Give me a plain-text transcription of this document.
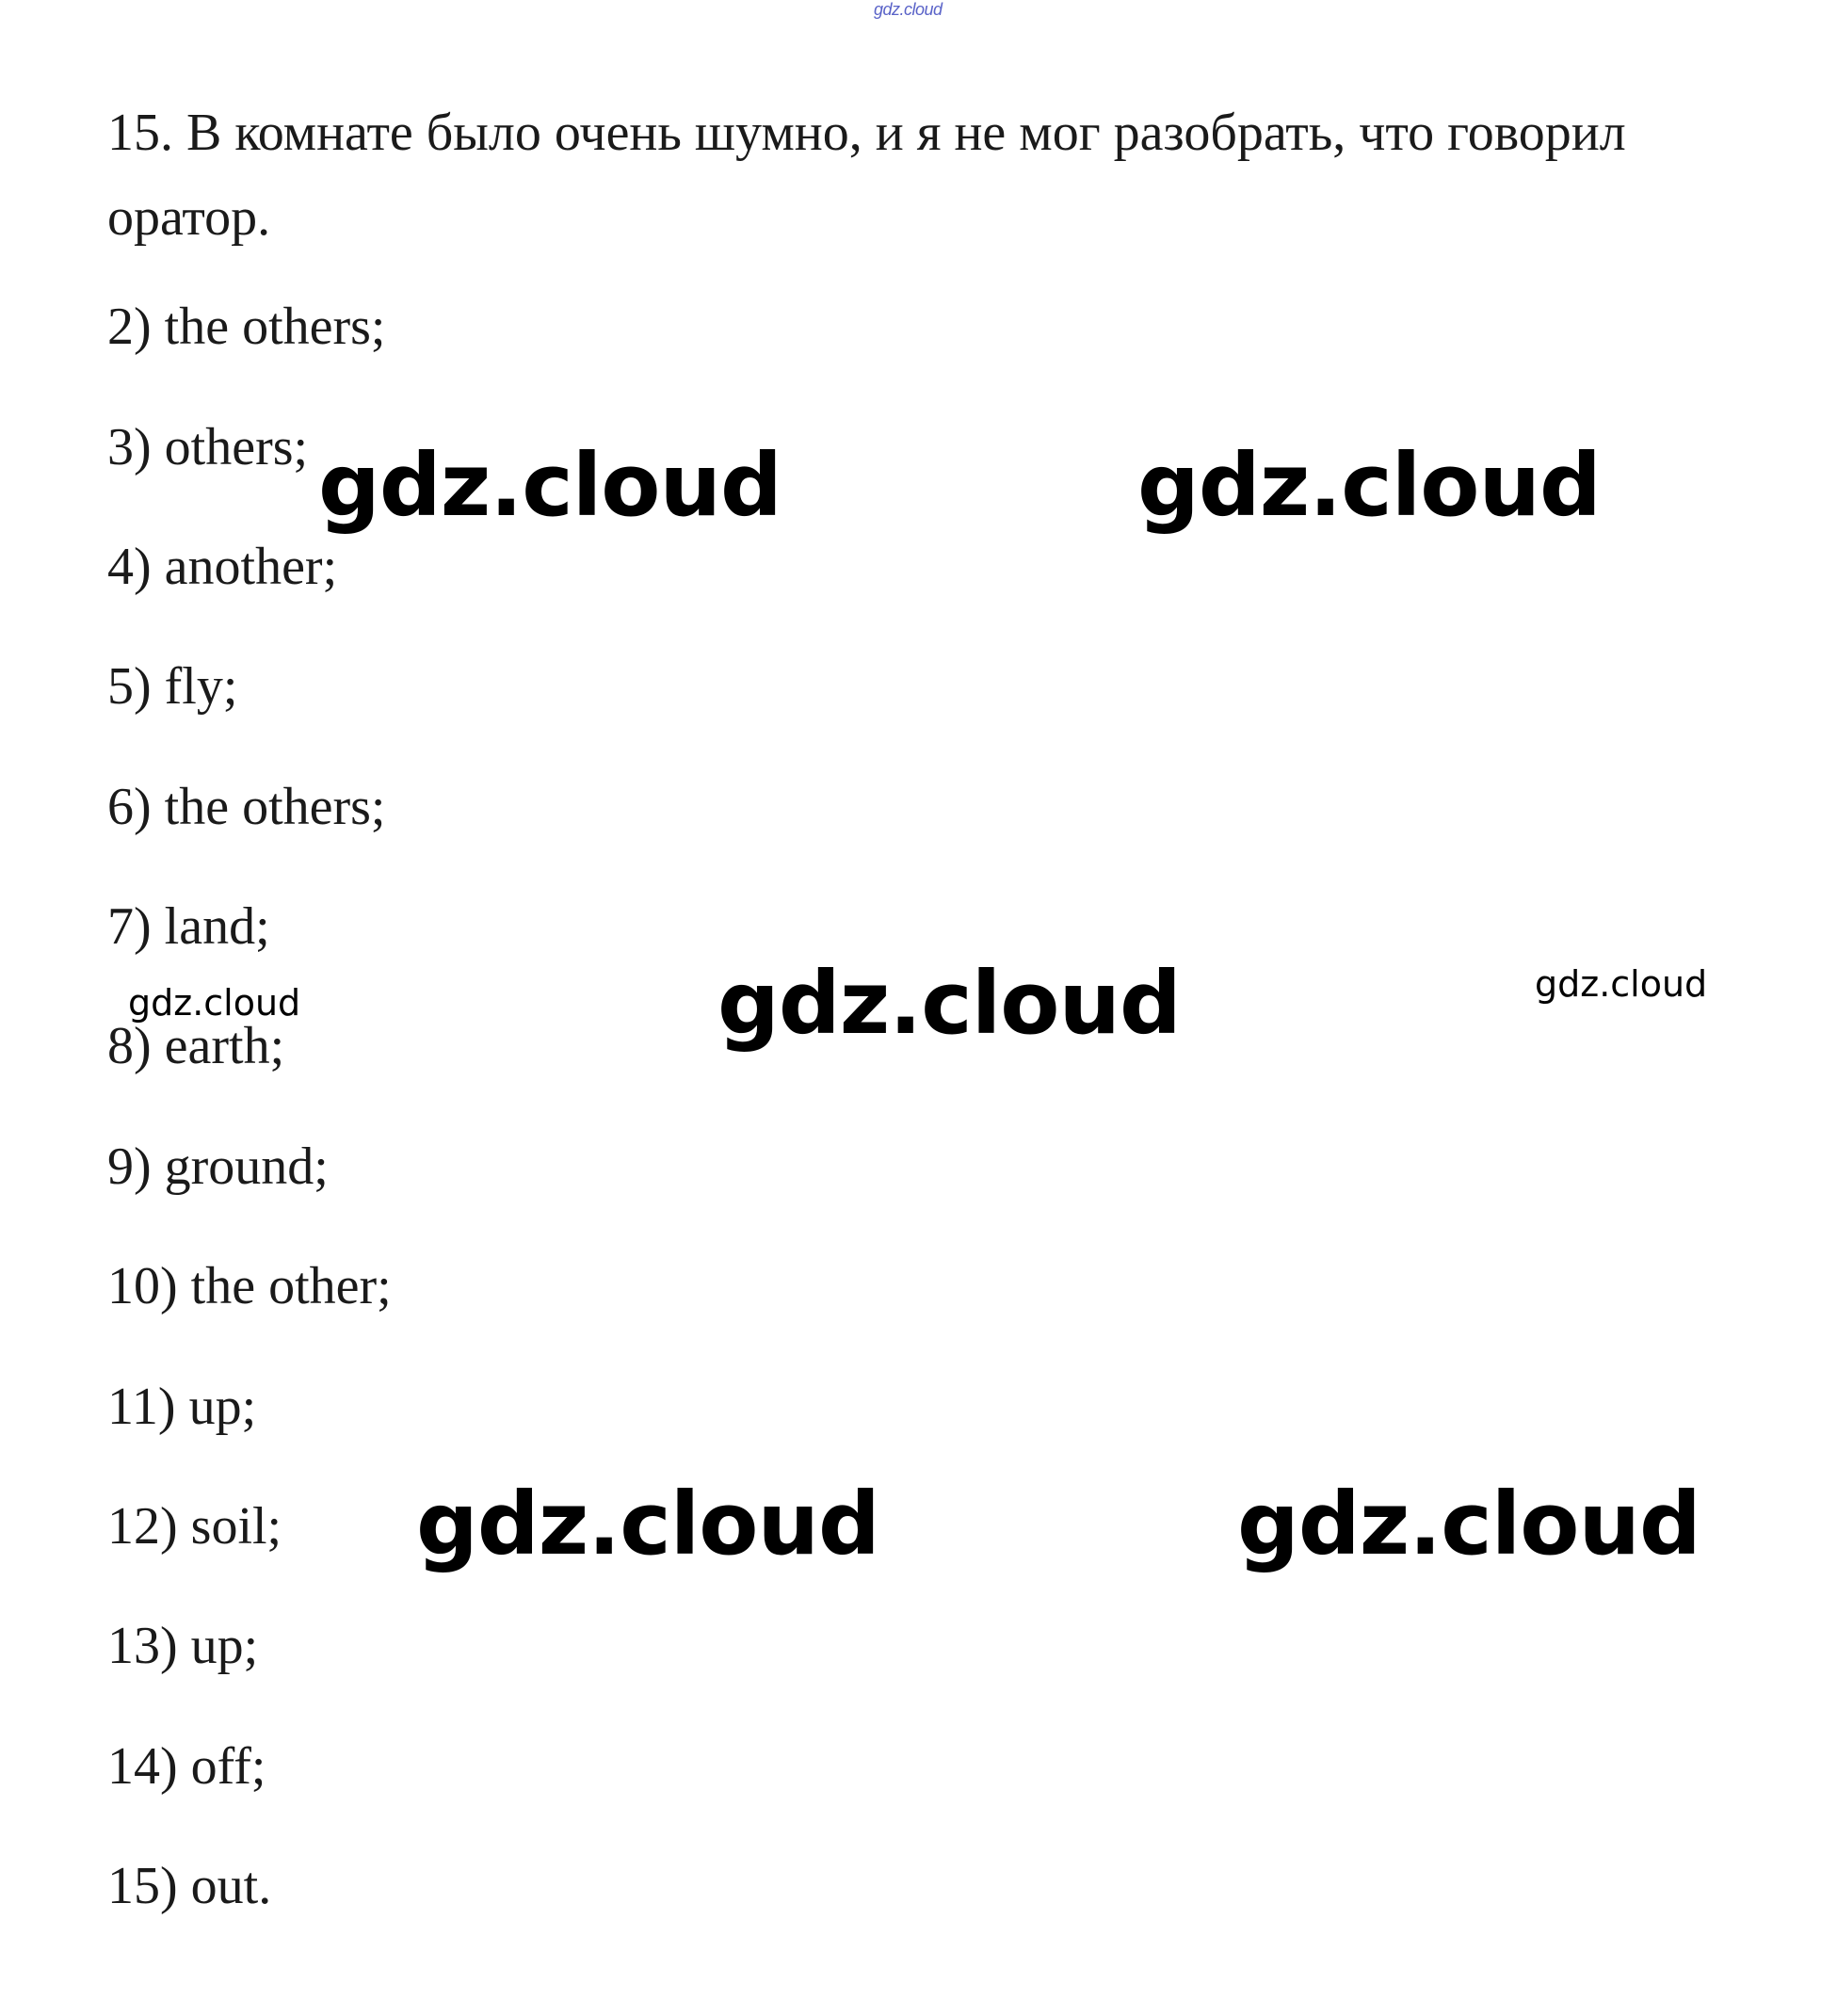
gdz.cloud

15. В комнате было очень шумно, и я не мог разобрать, что говорил оратор.

2) the others;
3) others;
4) another;
5) fly;
6) the others;
7) land;
8) earth;
9) ground;
10) the other;
11) up;
12) soil;
13) up;
14) off;
15) out.
gdz.cloud	gdz.cloud
gdz.cloud	gdz.cloud	gdz.cloud
gdz.cloud	gdz.cloud
